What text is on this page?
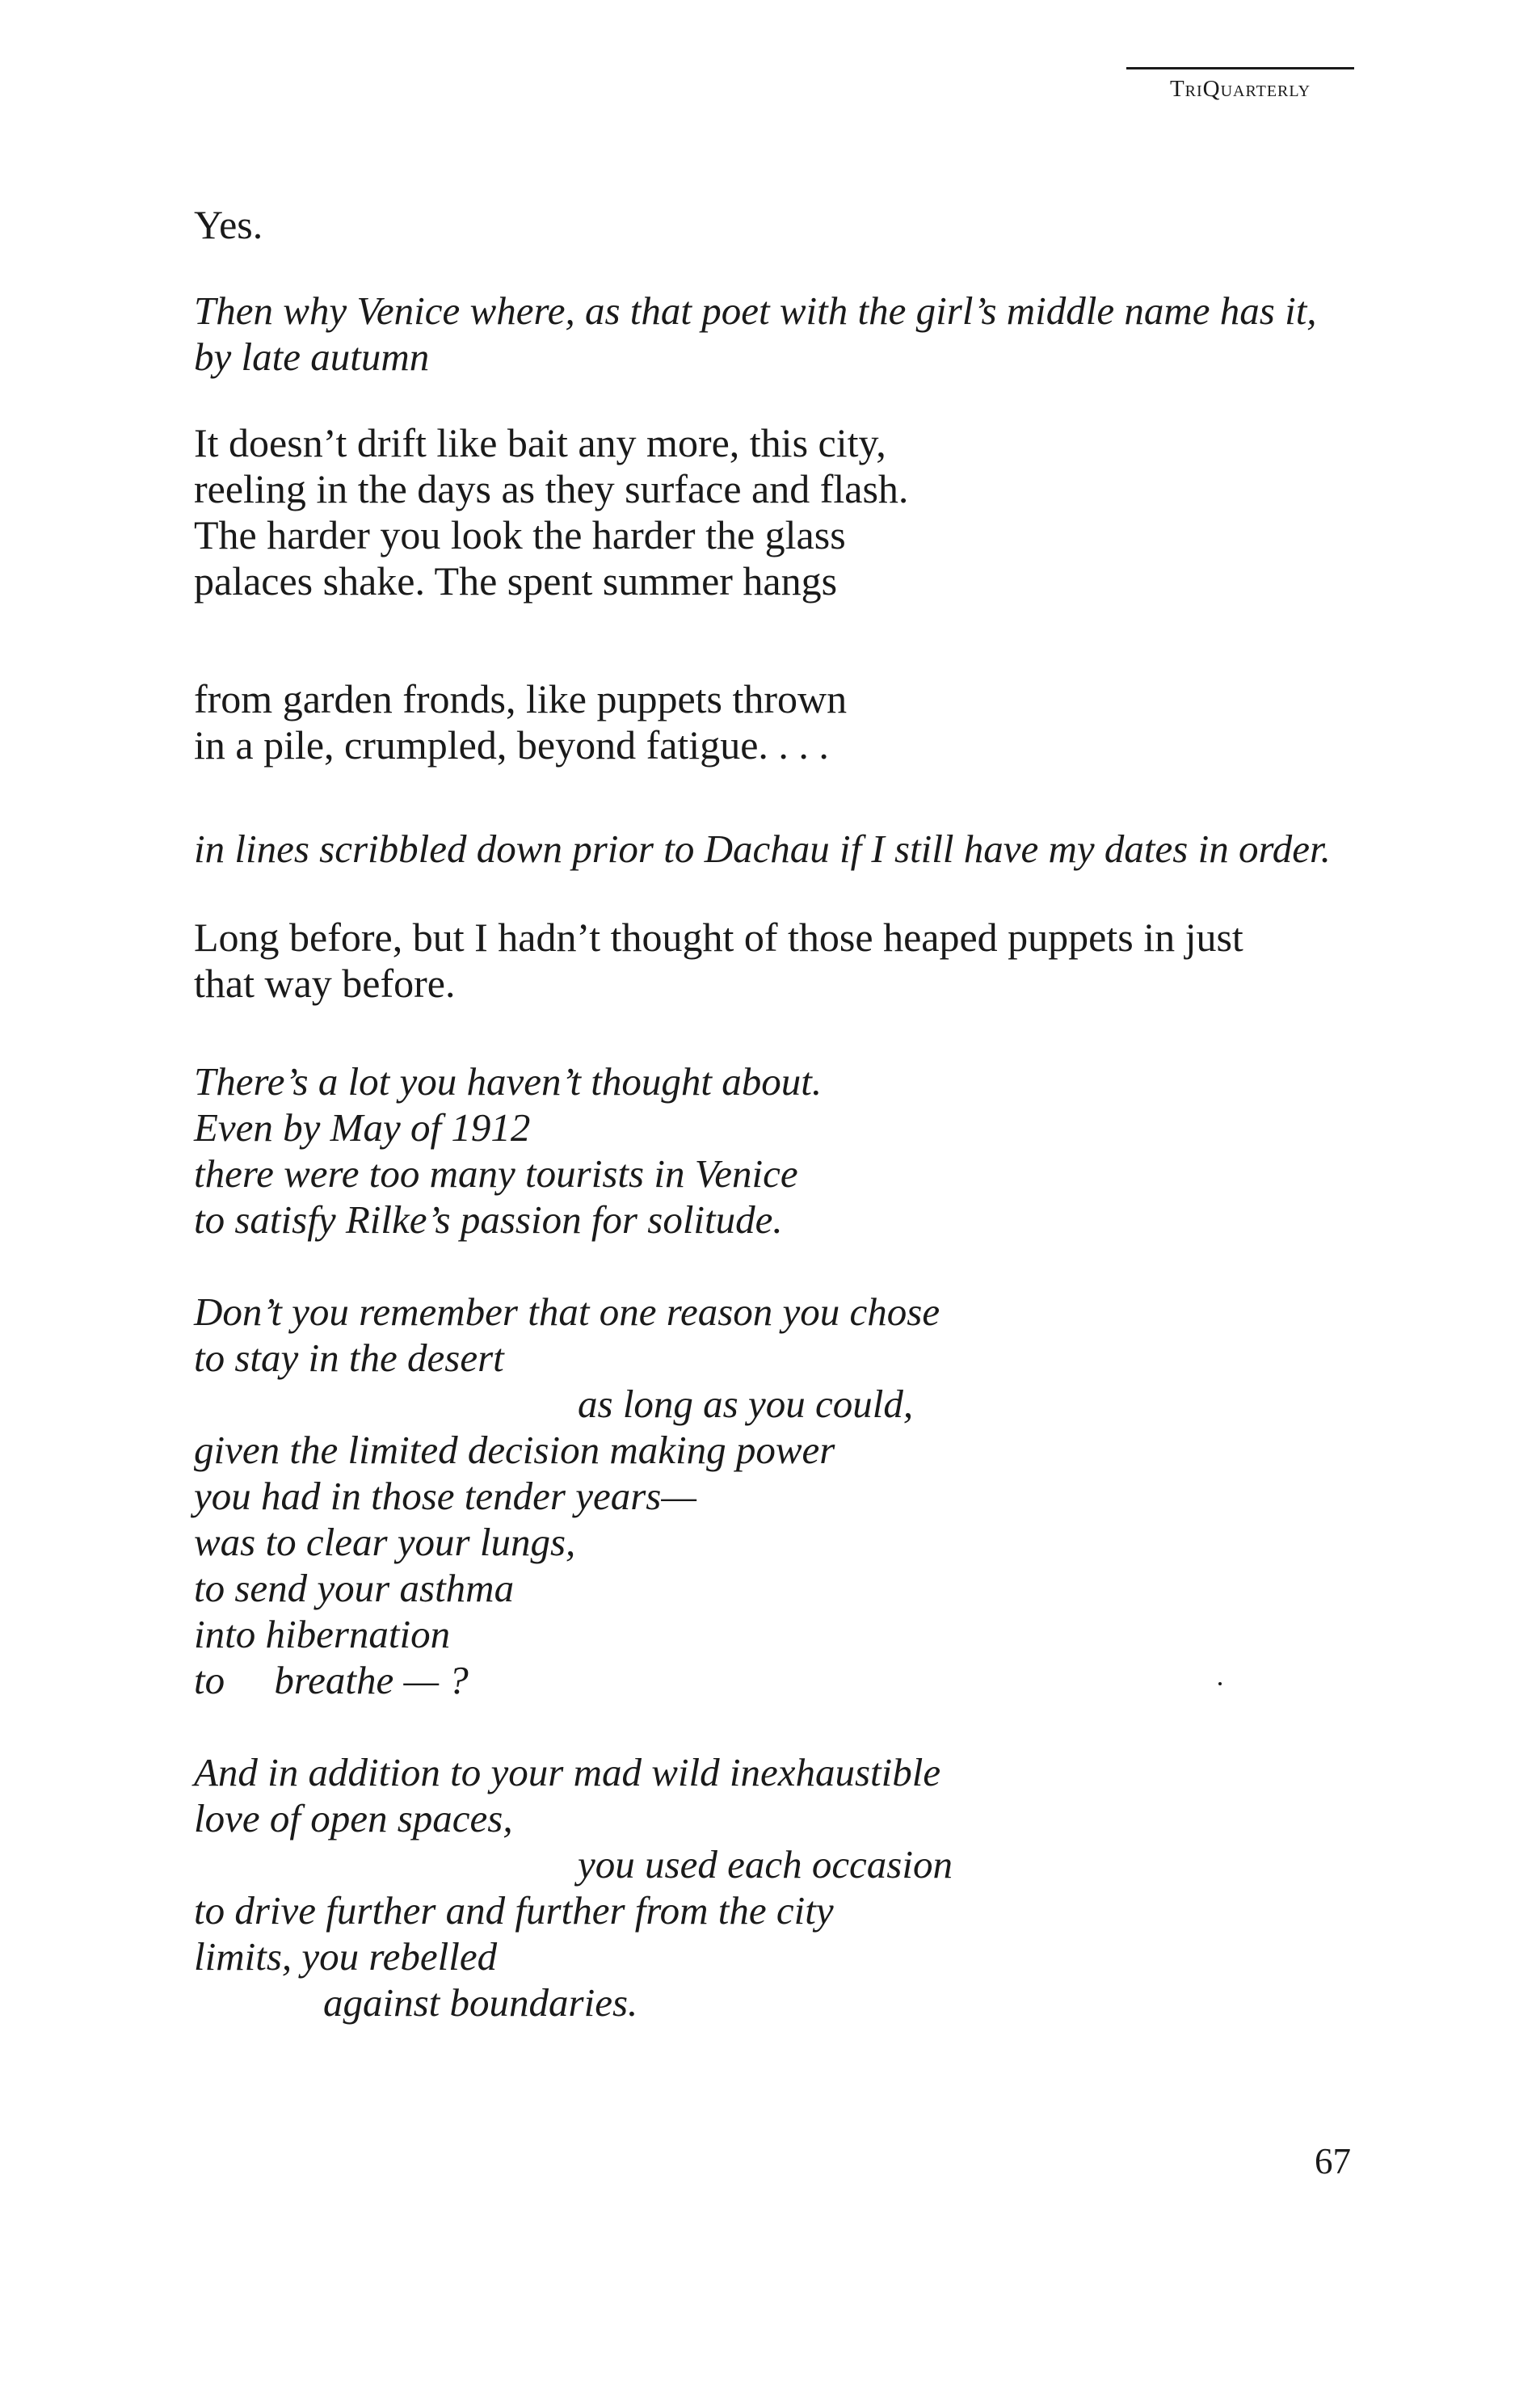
TriQuarterly

Yes.

Then why Venice where, as that poet with the girl’s middle name has it,

by late autumn

It doesn’t drift like bait any more, this city,

reeling in the days as they surface and flash.

The harder you look the harder the glass

palaces shake. The spent summer hangs

from garden fronds, like puppets thrown

in a pile, crumpled, beyond fatigue. . . .

in lines scribbled down prior to Dachau if I still have my dates in order.

Long before, but I hadn’t thought of those heaped puppets in just

that way before.

There’s a lot you haven’t thought about.

Even by May of 1912

there were too many tourists in Venice

to satisfy Rilke’s passion for solitude.

Don’t you remember that one reason you chose

to stay in the desert

as long as you could,

given the limited decision making power

you had in those tender years—

was to clear your lungs,

to send your asthma

into hibernation

to     breathe — ?

And in addition to your mad wild inexhaustible

love of open spaces,

you used each occasion

to drive further and further from the city

limits, you rebelled

against boundaries.

67
